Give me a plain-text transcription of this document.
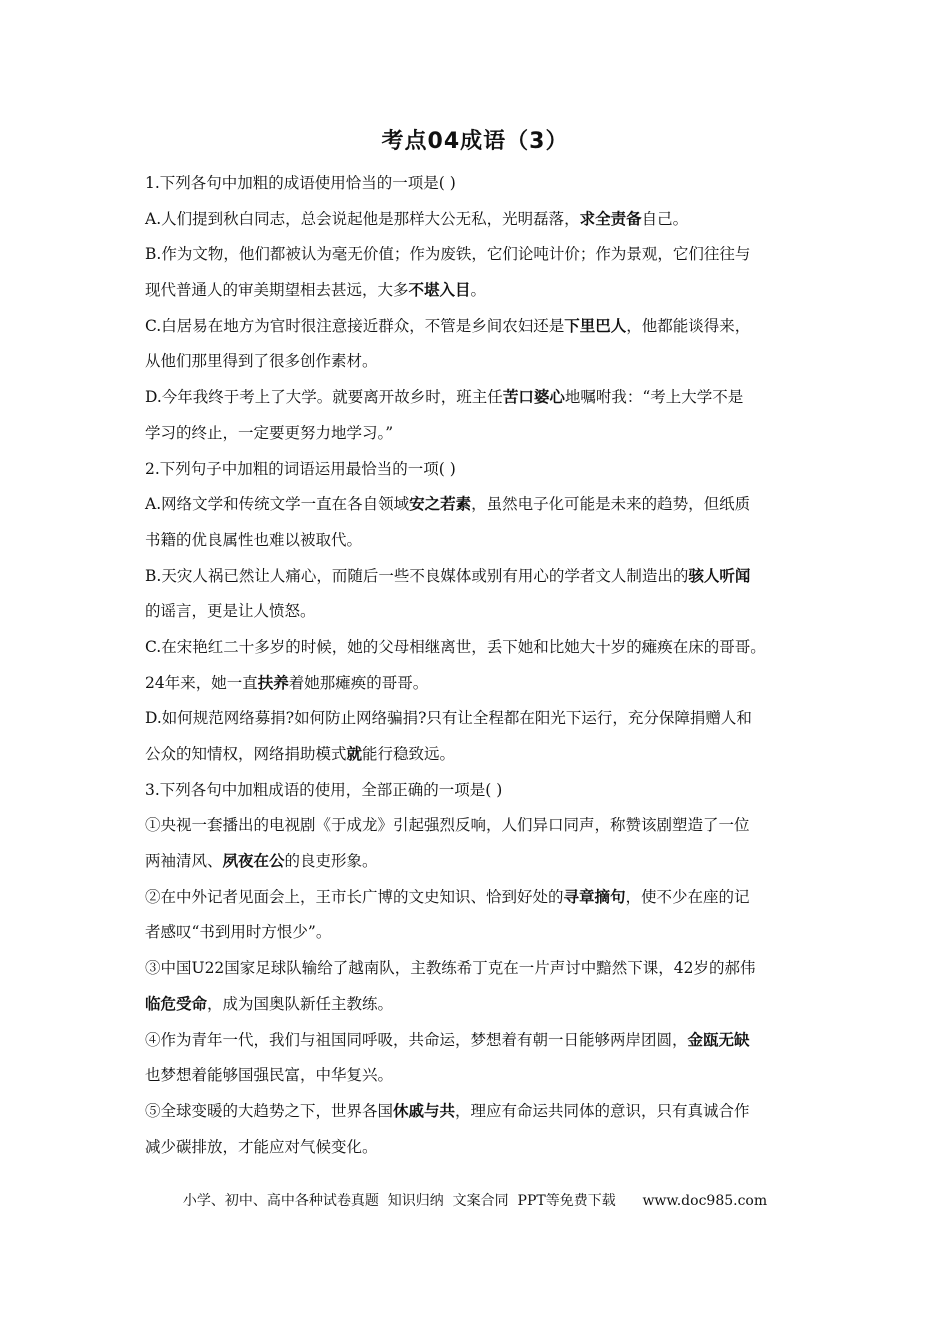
考点04成语（3）
1.下列各句中加粗的成语使用恰当的一项是( )
A.人们提到秋白同志，总会说起他是那样大公无私，光明磊落，求全责备自己。
B.作为文物，他们都被认为毫无价值；作为废铁，它们论吨计价；作为景观，它们往往与
现代普通人的审美期望相去甚远，大多不堪入目。
C.白居易在地方为官时很注意接近群众，不管是乡间农妇还是下里巴人，他都能谈得来，
从他们那里得到了很多创作素材。
D.今年我终于考上了大学。就要离开故乡时，班主任苦口婆心地嘱咐我：“考上大学不是
学习的终止，一定要更努力地学习。”
2.下列句子中加粗的词语运用最恰当的一项( )
A.网络文学和传统文学一直在各自领域安之若素，虽然电子化可能是未来的趋势，但纸质
书籍的优良属性也难以被取代。
B.天灾人祸已然让人痛心，而随后一些不良媒体或别有用心的学者文人制造出的骇人听闻
的谣言，更是让人愤怒。
C.在宋艳红二十多岁的时候，她的父母相继离世，丢下她和比她大十岁的瘫痪在床的哥哥。
24年来，她一直扶养着她那瘫痪的哥哥。
D.如何规范网络募捐?如何防止网络骗捐?只有让全程都在阳光下运行，充分保障捐赠人和
公众的知情权，网络捐助模式就能行稳致远。
3.下列各句中加粗成语的使用，全部正确的一项是( )
①央视一套播出的电视剧《于成龙》引起强烈反响，人们异口同声，称赞该剧塑造了一位
两袖清风、夙夜在公的良吏形象。
②在中外记者见面会上，王市长广博的文史知识、恰到好处的寻章摘句，使不少在座的记
者感叹“书到用时方恨少”。
③中国U22国家足球队输给了越南队，主教练希丁克在一片声讨中黯然下课，42岁的郝伟
临危受命，成为国奥队新任主教练。
④作为青年一代，我们与祖国同呼吸，共命运，梦想着有朝一日能够两岸团圆，金瓯无缺
也梦想着能够国强民富，中华复兴。
⑤全球变暖的大趋势之下，世界各国休戚与共，理应有命运共同体的意识，只有真诚合作
减少碳排放，才能应对气候变化。
小学、初中、高中各种试卷真题  知识归纳  文案合同  PPT等免费下载      www.doc985.com
